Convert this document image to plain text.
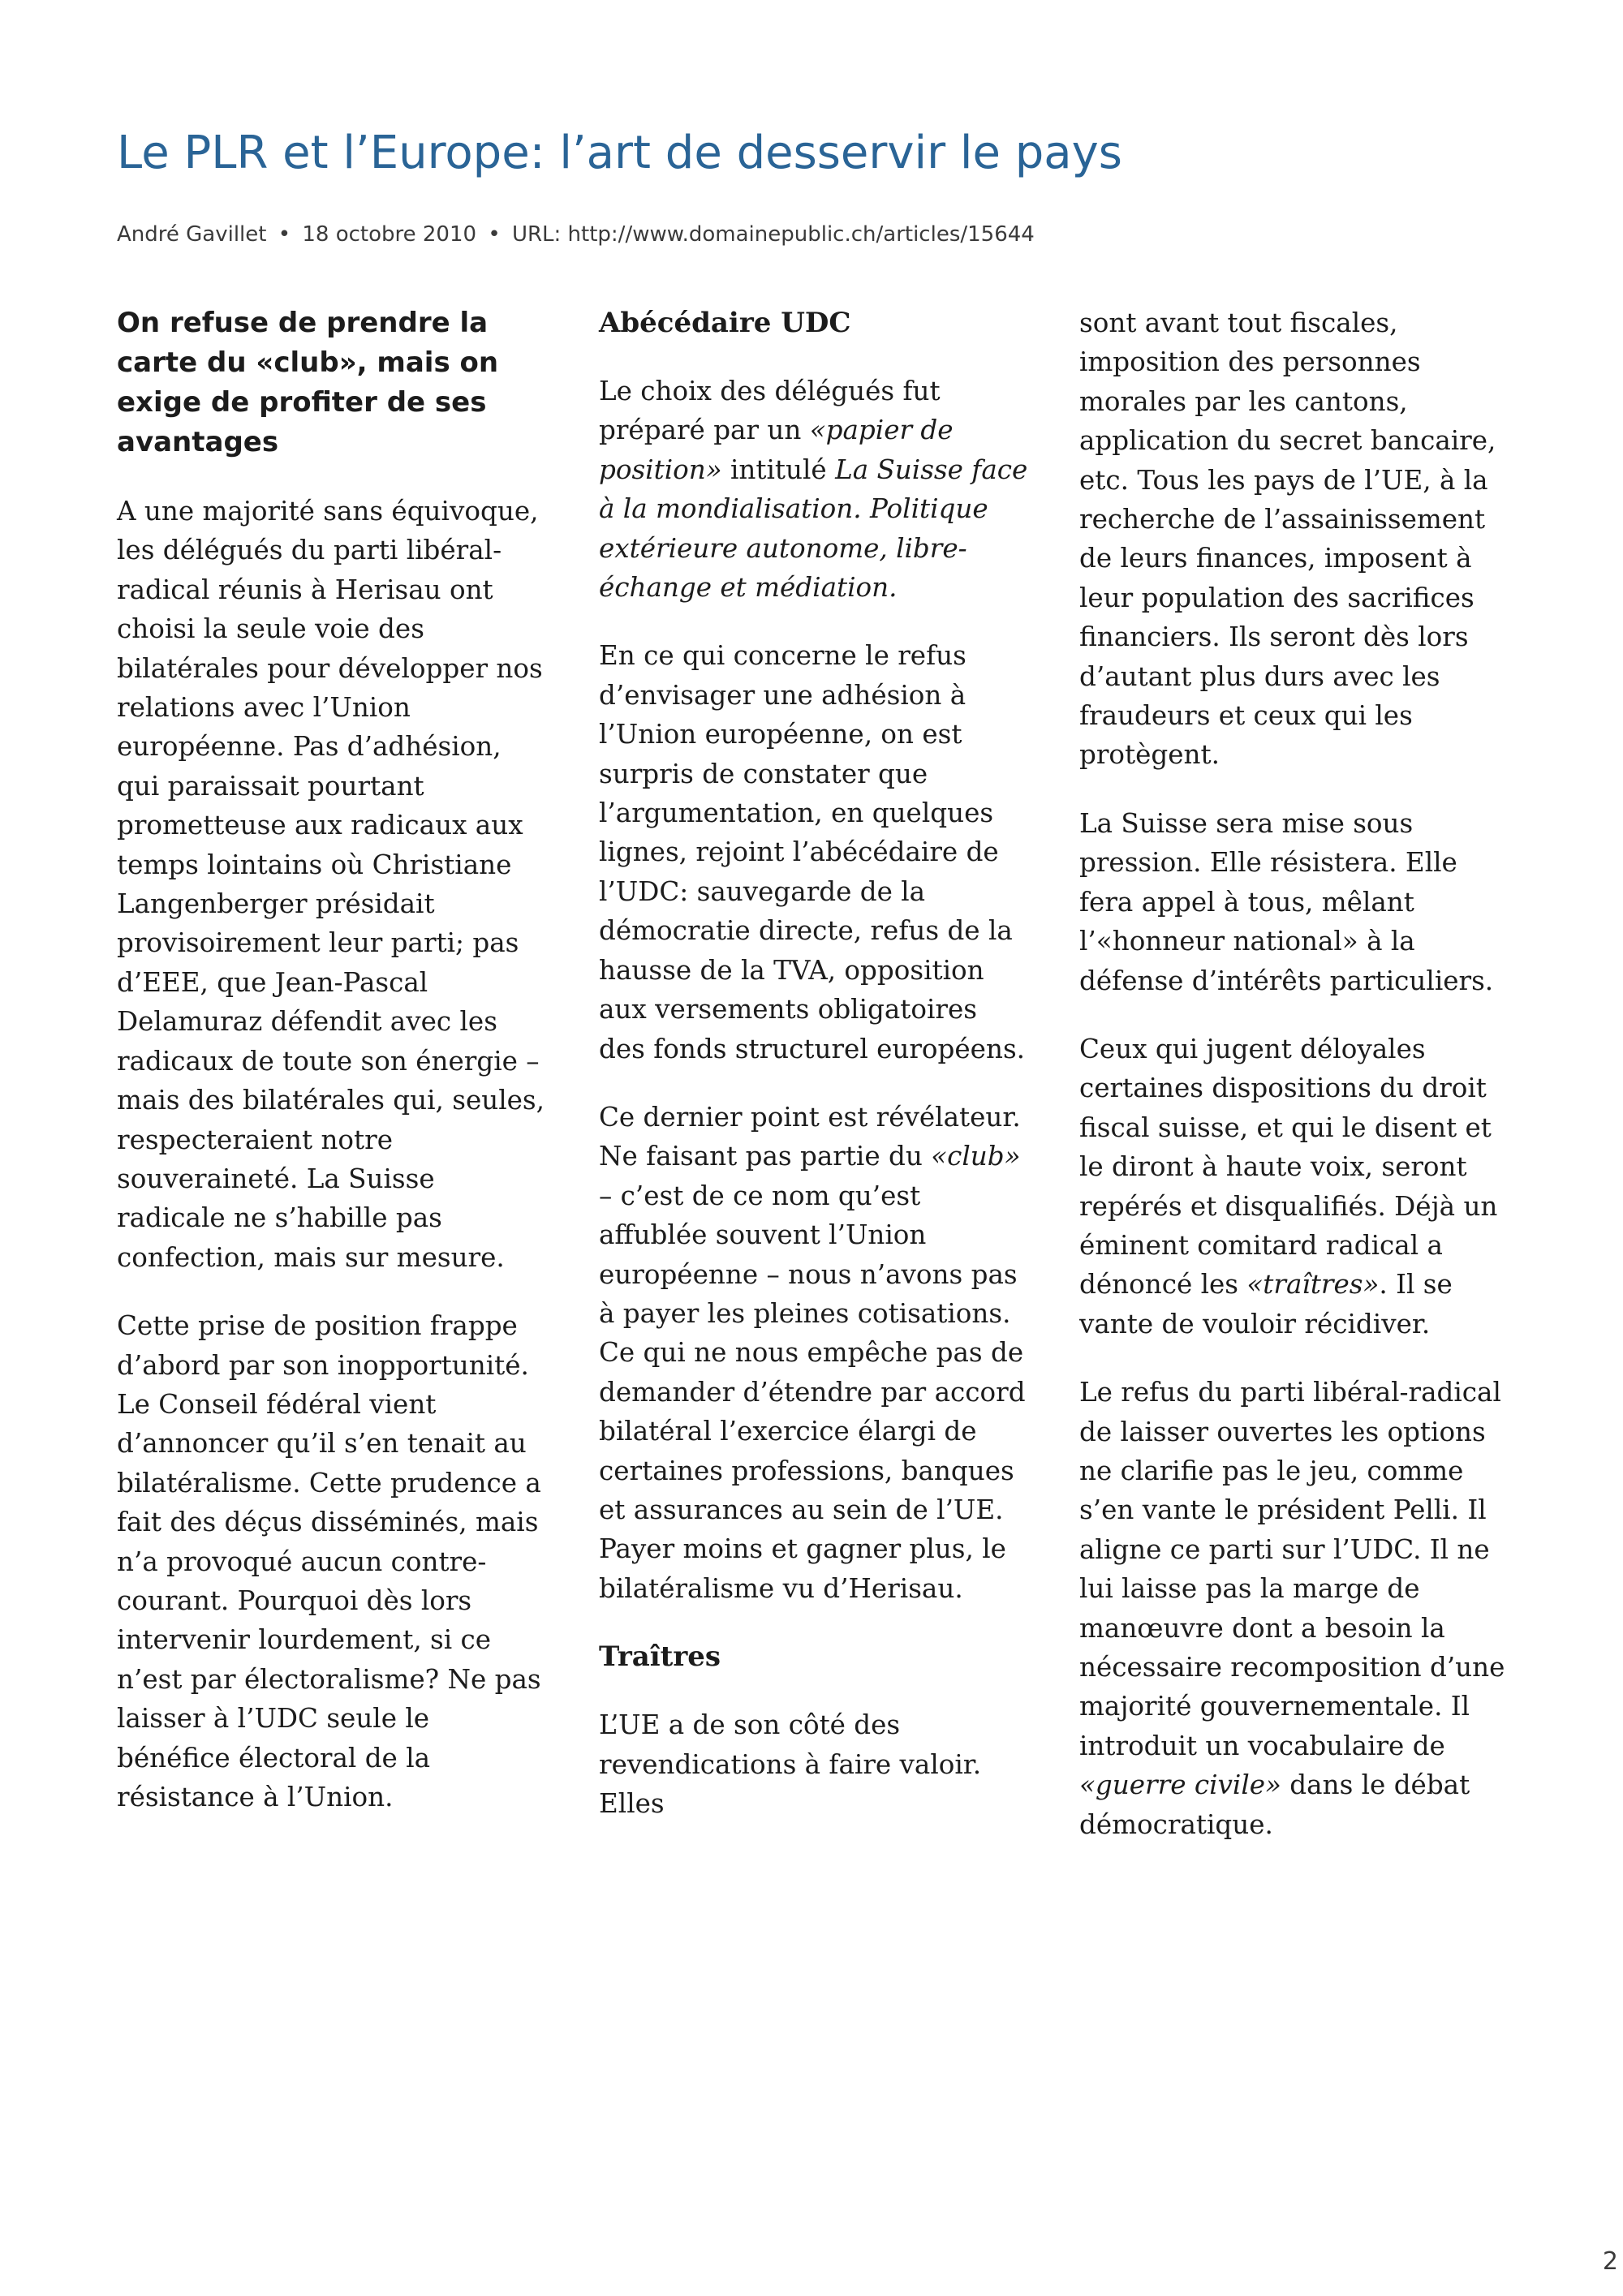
Le PLR et l’Europe: l’art de desservir le pays
André Gavillet • 18 octobre 2010 • URL: http://www.domainepublic.ch/articles/15644

On refuse de prendre la carte du «club», mais on exige de profiter de ses avantages

A une majorité sans équivoque, les délégués du parti libéral-radical réunis à Herisau ont choisi la seule voie des bilatérales pour développer nos relations avec l’Union européenne. Pas d’adhésion, qui paraissait pourtant prometteuse aux radicaux aux temps lointains où Christiane Langenberger présidait provisoirement leur parti; pas d’EEE, que Jean-Pascal Delamuraz défendit avec les radicaux de toute son énergie – mais des bilatérales qui, seules, respecteraient notre souveraineté. La Suisse radicale ne s’habille pas confection, mais sur mesure.

Cette prise de position frappe d’abord par son inopportunité. Le Conseil fédéral vient d’annoncer qu’il s’en tenait au bilatéralisme. Cette prudence a fait des déçus disséminés, mais n’a provoqué aucun contre-courant. Pourquoi dès lors intervenir lourdement, si ce n’est par électoralisme? Ne pas laisser à l’UDC seule le bénéfice électoral de la résistance à l’Union.

Abécédaire UDC

Le choix des délégués fut préparé par un «papier de position» intitulé La Suisse face à la mondialisation. Politique extérieure autonome, libre-échange et médiation.

En ce qui concerne le refus d’envisager une adhésion à l’Union européenne, on est surpris de constater que l’argumentation, en quelques lignes, rejoint l’abécédaire de l’UDC: sauvegarde de la démocratie directe, refus de la hausse de la TVA, opposition aux versements obligatoires des fonds structurel européens.

Ce dernier point est révélateur. Ne faisant pas partie du «club» – c’est de ce nom qu’est affublée souvent l’Union européenne – nous n’avons pas à payer les pleines cotisations. Ce qui ne nous empêche pas de demander d’étendre par accord bilatéral l’exercice élargi de certaines professions, banques et assurances au sein de l’UE. Payer moins et gagner plus, le bilatéralisme vu d’Herisau.

Traîtres

L’UE a de son côté des revendications à faire valoir. Elles

sont avant tout fiscales, imposition des personnes morales par les cantons, application du secret bancaire, etc. Tous les pays de l’UE, à la recherche de l’assainissement de leurs finances, imposent à leur population des sacrifices financiers. Ils seront dès lors d’autant plus durs avec les fraudeurs et ceux qui les protègent.

La Suisse sera mise sous pression. Elle résistera. Elle fera appel à tous, mêlant l’«honneur national» à la défense d’intérêts particuliers.

Ceux qui jugent déloyales certaines dispositions du droit fiscal suisse, et qui le disent et le diront à haute voix, seront repérés et disqualifiés. Déjà un éminent comitard radical a dénoncé les «traîtres». Il se vante de vouloir récidiver.

Le refus du parti libéral-radical de laisser ouvertes les options ne clarifie pas le jeu, comme s’en vante le président Pelli. Il aligne ce parti sur l’UDC. Il ne lui laisse pas la marge de manœuvre dont a besoin la nécessaire recomposition d’une majorité gouvernementale. Il introduit un vocabulaire de «guerre civile» dans le débat démocratique.

2
